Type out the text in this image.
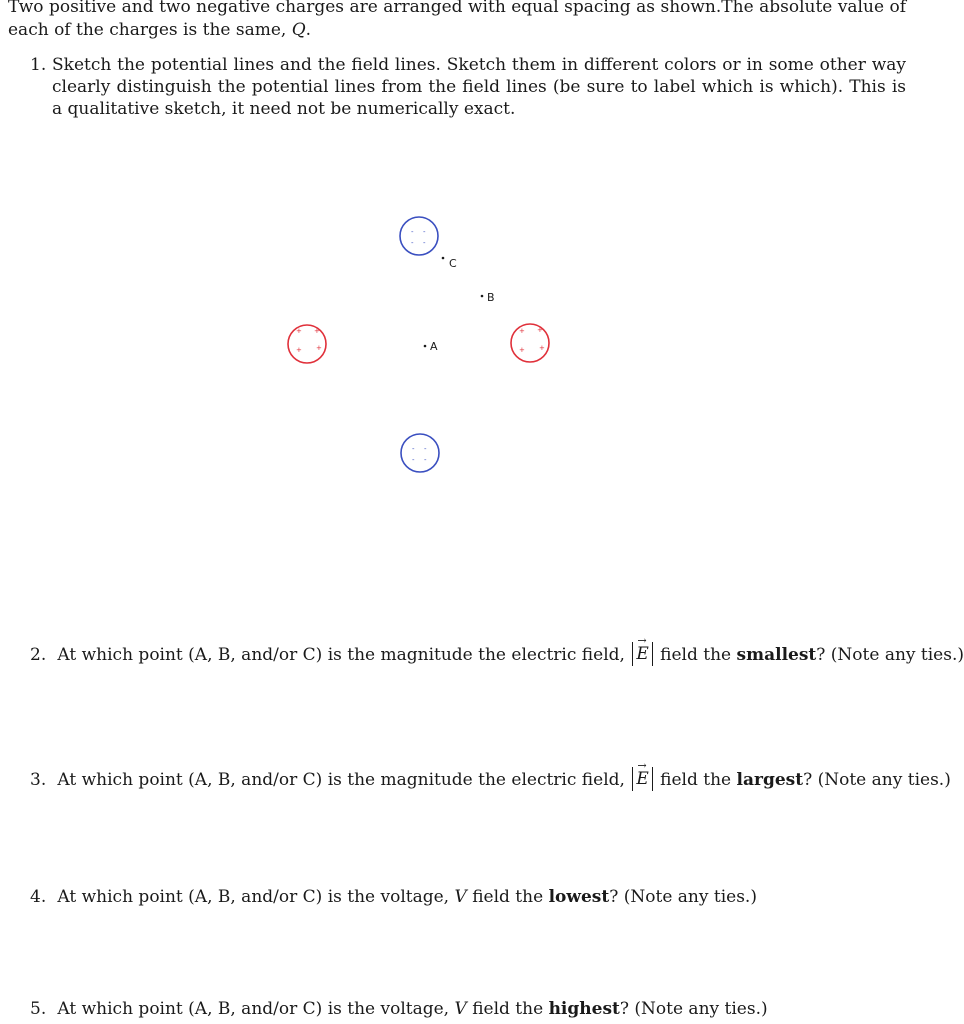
Two positive and two negative charges are arranged with equal spacing as shown.The absolute value of each of the charges is the same, Q.
1. Sketch the potential lines and the field lines. Sketch them in different colors or in some other way clearly distinguish the potential lines from the field lines (be sure to label which is which). This is a qualitative sketch, it need not be numerically exact.
- -
- -
- -
- -
+ +
+ +
+ +
+ +
A
B
C
2. At which point (A, B, and/or C) is the magnitude the electric field, → E field the smallest? (Note any ties.)
3. At which point (A, B, and/or C) is the magnitude the electric field, → E field the largest? (Note any ties.)
4. At which point (A, B, and/or C) is the voltage, V field the lowest? (Note any ties.)
5. At which point (A, B, and/or C) is the voltage, V field the highest? (Note any ties.)
